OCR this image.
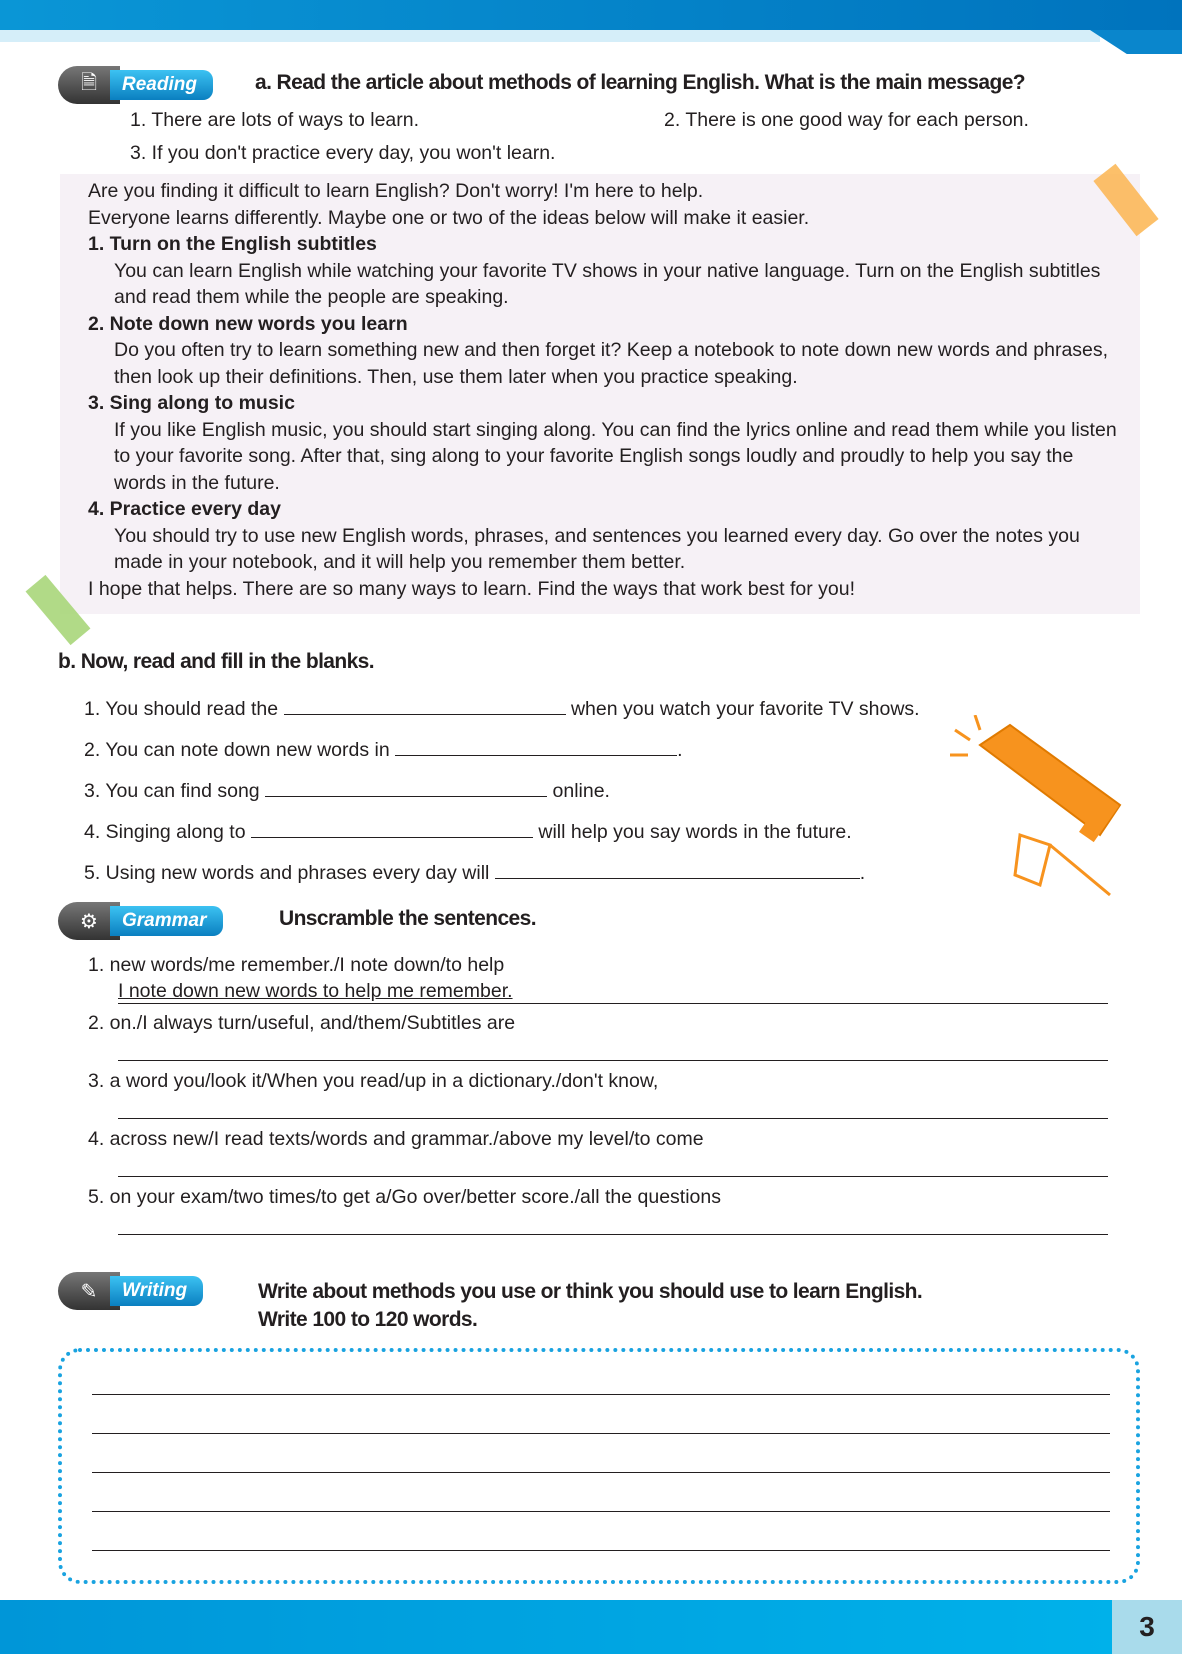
🗎	Reading	a. Read the article about methods of learning English. What is the main message?
1. There are lots of ways to learn.	2. There is one good way for each person.
3. If you don't practice every day, you won't learn.
Are you finding it difficult to learn English? Don't worry! I'm here to help.
Everyone learns differently. Maybe one or two of the ideas below will make it easier.
1. Turn on the English subtitles
You can learn English while watching your favorite TV shows in your native language. Turn on the English subtitles and read them while the people are speaking.
2. Note down new words you learn
Do you often try to learn something new and then forget it? Keep a notebook to note down new words and phrases, then look up their definitions. Then, use them later when you practice speaking.
3. Sing along to music
If you like English music, you should start singing along. You can find the lyrics online and read them while you listen to your favorite song. After that, sing along to your favorite English songs loudly and proudly to help you say the words in the future.
4. Practice every day
You should try to use new English words, phrases, and sentences you learned every day. Go over the notes you made in your notebook, and it will help you remember them better.
I hope that helps. There are so many ways to learn. Find the ways that work best for you!
b. Now, read and fill in the blanks.
1. You should read the	when you watch your favorite TV shows.
2. You can note down new words in	.
3. You can find song	online.
4. Singing along to	will help you say words in the future.
5. Using new words and phrases every day will	.
⚙	Grammar	Unscramble the sentences.
1. new words/me remember./I note down/to help
I note down new words to help me remember.
2. on./I always turn/useful, and/them/Subtitles are
3. a word you/look it/When you read/up in a dictionary./don't know,
4. across new/I read texts/words and grammar./above my level/to come
5. on your exam/two times/to get a/Go over/better score./all the questions
✎	Writing	Write about methods you use or think you should use to learn English.
Write 100 to 120 words.
3
